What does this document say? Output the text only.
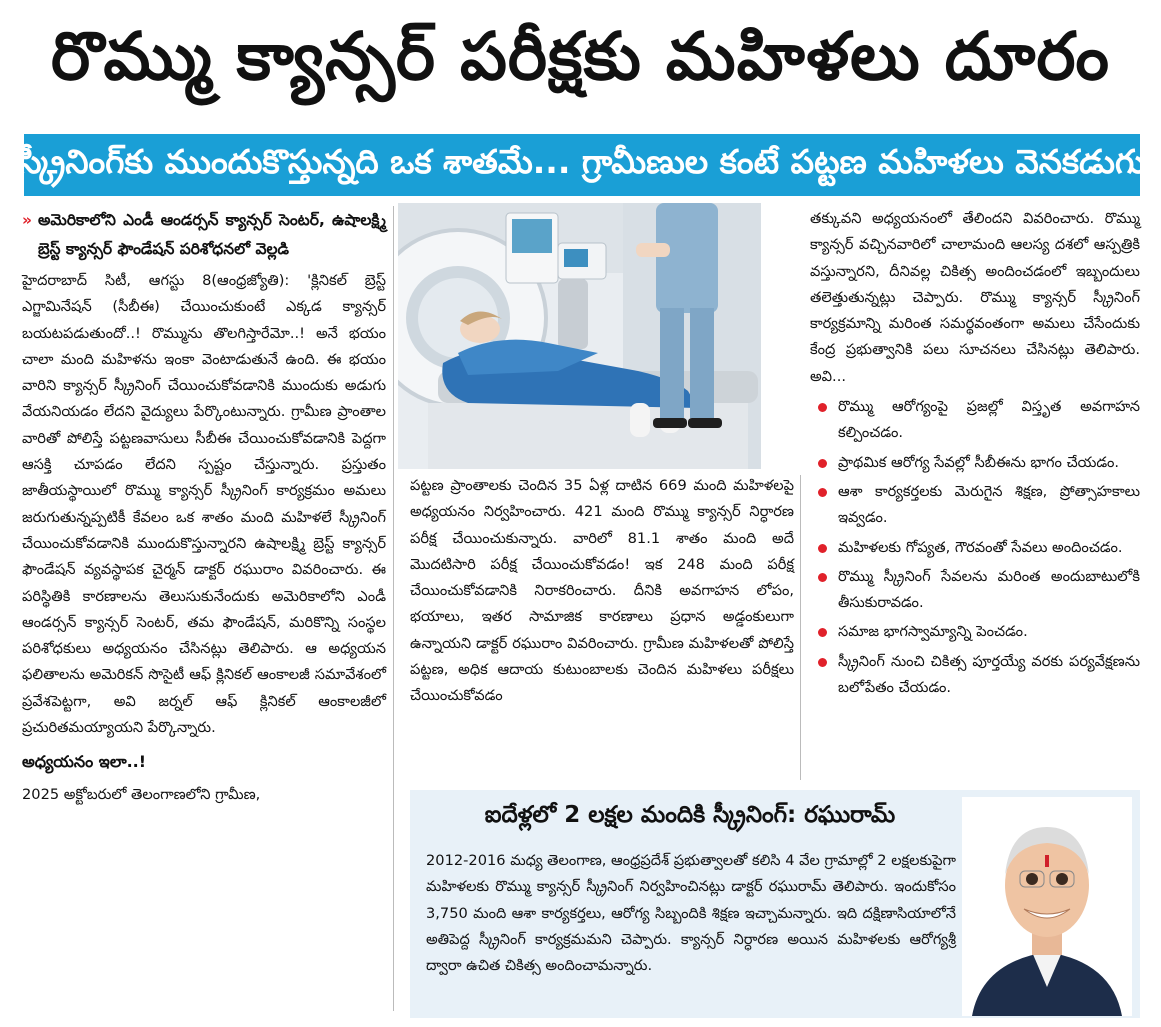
రొమ్ము క్యాన్సర్ పరీక్షకు మహిళలు దూరం
స్క్రీనింగ్‌కు ముందుకొస్తున్నది ఒక శాతమే... గ్రామీణుల కంటే పట్టణ మహిళలు వెనకడుగు
» అమెరికాలోని ఎండీ ఆండర్సన్ క్యాన్సర్ సెంటర్, ఉషాలక్ష్మి బ్రెస్ట్ క్యాన్సర్ ఫౌండేషన్ పరిశోధనలో వెల్లడి

హైదరాబాద్ సిటీ, ఆగస్టు 8(ఆంధ్రజ్యోతి): 'క్లినికల్ బ్రెస్ట్ ఎగ్జామినేషన్ (సీబీఈ) చేయించుకుంటే ఎక్కడ క్యాన్సర్ బయటపడుతుందో..! రొమ్మును తొలగిస్తారేమో..! అనే భయం చాలా మంది మహిళను ఇంకా వెంటాడుతునే ఉంది. ఈ భయం వారిని క్యాన్సర్ స్క్రీనింగ్ చేయించుకోవడానికి ముందుకు అడుగు వేయనియడం లేదని వైద్యులు పేర్కొంటున్నారు. గ్రామీణ ప్రాంతాల వారితో పోలిస్తే పట్టణవాసులు సీబీఈ చేయించుకోవడానికి పెద్దగా ఆసక్తి చూపడం లేదని స్పష్టం చేస్తున్నారు. ప్రస్తుతం జాతీయస్థాయిలో రొమ్ము క్యాన్సర్ స్క్రీనింగ్ కార్యక్రమం అమలు జరుగుతున్నప్పటికీ కేవలం ఒక శాతం మంది మహిళలే స్క్రీనింగ్ చేయించుకోవడానికి ముందుకొస్తున్నారని ఉషాలక్ష్మి బ్రెస్ట్ క్యాన్సర్ ఫౌండేషన్ వ్యవస్థాపక చైర్మన్ డాక్టర్ రఘురాం వివరించారు. ఈ పరిస్థితికి కారణాలను తెలుసుకునేందుకు అమెరికాలోని ఎండీ ఆండర్సన్ క్యాన్సర్ సెంటర్, తమ ఫౌండేషన్, మరికొన్ని సంస్థల పరిశోధకులు అధ్యయనం చేసినట్లు తెలిపారు. ఆ అధ్యయన ఫలితాలను అమెరికన్ సొసైటీ ఆఫ్ క్లినికల్ ఆంకాలజీ సమావేశంలో ప్రవేశపెట్టగా, అవి జర్నల్ ఆఫ్ క్లినికల్ ఆంకాలజీలో ప్రచురితమయ్యాయని పేర్కొన్నారు.

అధ్యయనం ఇలా..!

2025 అక్టోబరులో తెలంగాణలోని గ్రామీణ,

పట్టణ ప్రాంతాలకు చెందిన 35 ఏళ్ల దాటిన 669 మంది మహిళలపై అధ్యయనం నిర్వహించారు. 421 మంది రొమ్ము క్యాన్సర్ నిర్ధారణ పరీక్ష చేయించుకున్నారు. వారిలో 81.1 శాతం మంది అదే మొదటిసారి పరీక్ష చేయించుకోవడం! ఇక 248 మంది పరీక్ష చేయించుకోవడానికి నిరాకరించారు. దీనికి అవగాహన లోపం, భయాలు, ఇతర సామాజిక కారణాలు ప్రధాన అడ్డంకులుగా ఉన్నాయని డాక్టర్ రఘురాం వివరించారు. గ్రామీణ మహిళలతో పోలిస్తే పట్టణ, అధిక ఆదాయ కుటుంబాలకు చెందిన మహిళలు పరీక్షలు చేయించుకోవడం

తక్కువని అధ్యయనంలో తేలిందని వివరించారు. రొమ్ము క్యాన్సర్ వచ్చినవారిలో చాలామంది ఆలస్య దశలో ఆస్పత్రికి వస్తున్నారని, దీనివల్ల చికిత్స అందించడంలో ఇబ్బందులు తలెత్తుతున్నట్లు చెప్పారు. రొమ్ము క్యాన్సర్ స్క్రీనింగ్ కార్యక్రమాన్ని మరింత సమర్థవంతంగా అమలు చేసేందుకు కేంద్ర ప్రభుత్వానికి పలు సూచనలు చేసినట్లు తెలిపారు. అవి...

రొమ్ము ఆరోగ్యంపై ప్రజల్లో విస్తృత అవగాహన కల్పించడం.
ప్రాథమిక ఆరోగ్య సేవల్లో సీబీఈను భాగం చేయడం.
ఆశా కార్యకర్తలకు మెరుగైన శిక్షణ, ప్రోత్సాహకాలు ఇవ్వడం.
మహిళలకు గోప్యత, గౌరవంతో సేవలు అందించడం.
రొమ్ము స్క్రీనింగ్ సేవలను మరింత అందుబాటులోకి తీసుకురావడం.
సమాజ భాగస్వామ్యాన్ని పెంచడం.
స్క్రీనింగ్ నుంచి చికిత్స పూర్తయ్యే వరకు పర్యవేక్షణను బలోపేతం చేయడం.
ఐదేళ్లలో 2 లక్షల మందికి స్క్రీనింగ్: రఘురామ్
2012-2016 మధ్య తెలంగాణ, ఆంధ్రప్రదేశ్ ప్రభుత్వాలతో కలిసి 4 వేల గ్రామాల్లో 2 లక్షలకుపైగా మహిళలకు రొమ్ము క్యాన్సర్ స్క్రీనింగ్ నిర్వహించినట్లు డాక్టర్ రఘురామ్ తెలిపారు. ఇందుకోసం 3,750 మంది ఆశా కార్యకర్తలు, ఆరోగ్య సిబ్బందికి శిక్షణ ఇచ్చామన్నారు. ఇది దక్షిణాసియాలోనే అతిపెద్ద స్క్రీనింగ్ కార్యక్రమమని చెప్పారు. క్యాన్సర్ నిర్ధారణ అయిన మహిళలకు ఆరోగ్యశ్రీ ద్వారా ఉచిత చికిత్స అందించామన్నారు.
